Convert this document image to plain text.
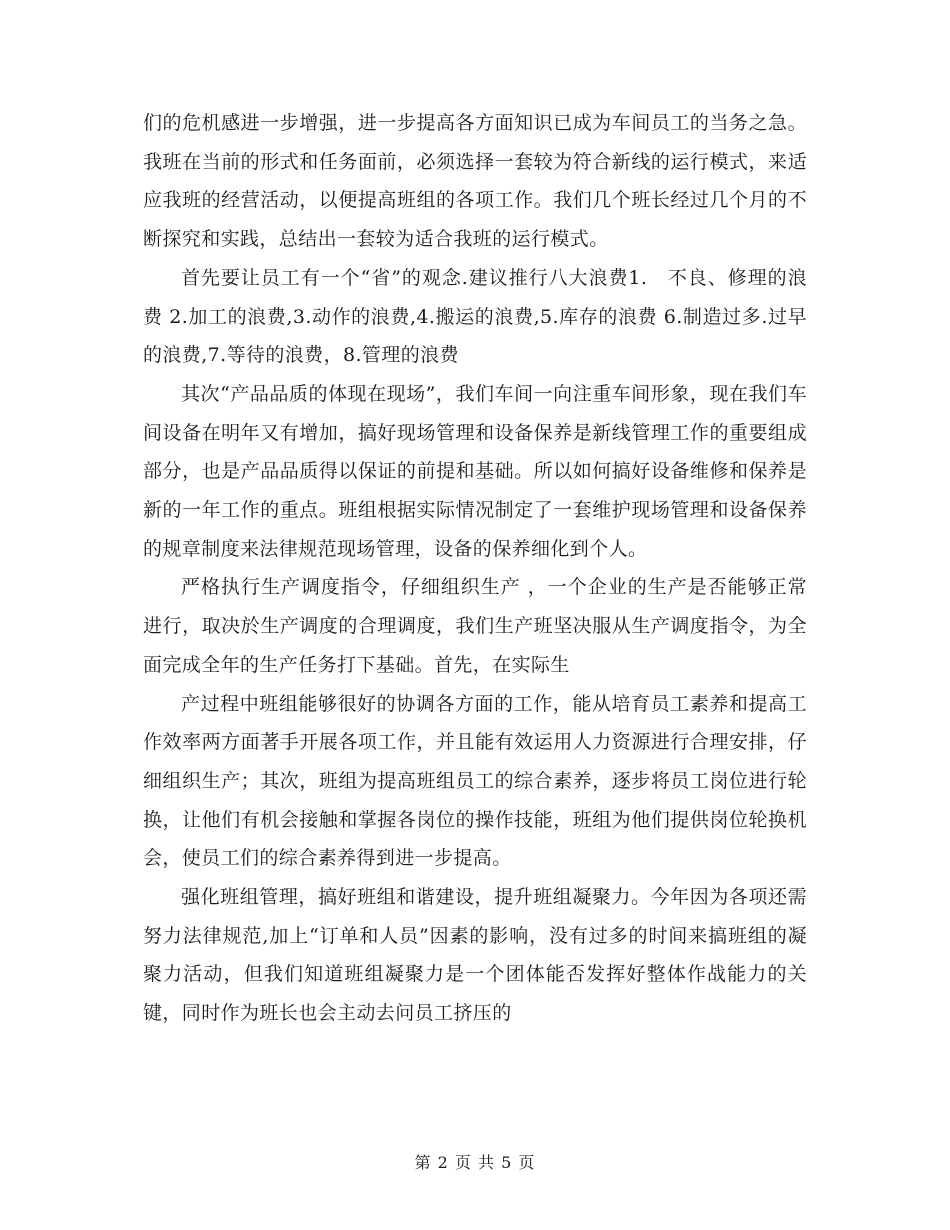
们的危机感进一步增强，进一步提高各方面知识已成为车间员工的当务之急。我班在当前的形式和任务面前，必须选择一套较为符合新线的运行模式，来适应我班的经营活动，以便提高班组的各项工作。我们几个班长经过几个月的不断探究和实践，总结出一套较为适合我班的运行模式。

首先要让员工有一个“省”的观念.建议推行八大浪费1.　不良、修理的浪费 2.加工的浪费,3.动作的浪费,4.搬运的浪费,5.库存的浪费 6.制造过多.过早的浪费,7.等待的浪费，8.管理的浪费

其次“产品品质的体现在现场”，我们车间一向注重车间形象，现在我们车间设备在明年又有增加，搞好现场管理和设备保养是新线管理工作的重要组成部分，也是产品品质得以保证的前提和基础。所以如何搞好设备维修和保养是新的一年工作的重点。班组根据实际情况制定了一套维护现场管理和设备保养的规章制度来法律规范现场管理，设备的保养细化到个人。

严格执行生产调度指令，仔细组织生产 ，一个企业的生产是否能够正常进行，取决於生产调度的合理调度，我们生产班坚决服从生产调度指令，为全面完成全年的生产任务打下基础。首先，在实际生

产过程中班组能够很好的协调各方面的工作，能从培育员工素养和提高工作效率两方面著手开展各项工作，并且能有效运用人力资源进行合理安排，仔细组织生产；其次，班组为提高班组员工的综合素养，逐步将员工岗位进行轮换，让他们有机会接触和掌握各岗位的操作技能，班组为他们提供岗位轮换机会，使员工们的综合素养得到进一步提高。

强化班组管理，搞好班组和谐建设，提升班组凝聚力。今年因为各项还需努力法律规范,加上“订单和人员”因素的影响，没有过多的时间来搞班组的凝聚力活动，但我们知道班组凝聚力是一个团体能否发挥好整体作战能力的关键，同时作为班长也会主动去问员工挤压的

第 2 页 共 5 页
